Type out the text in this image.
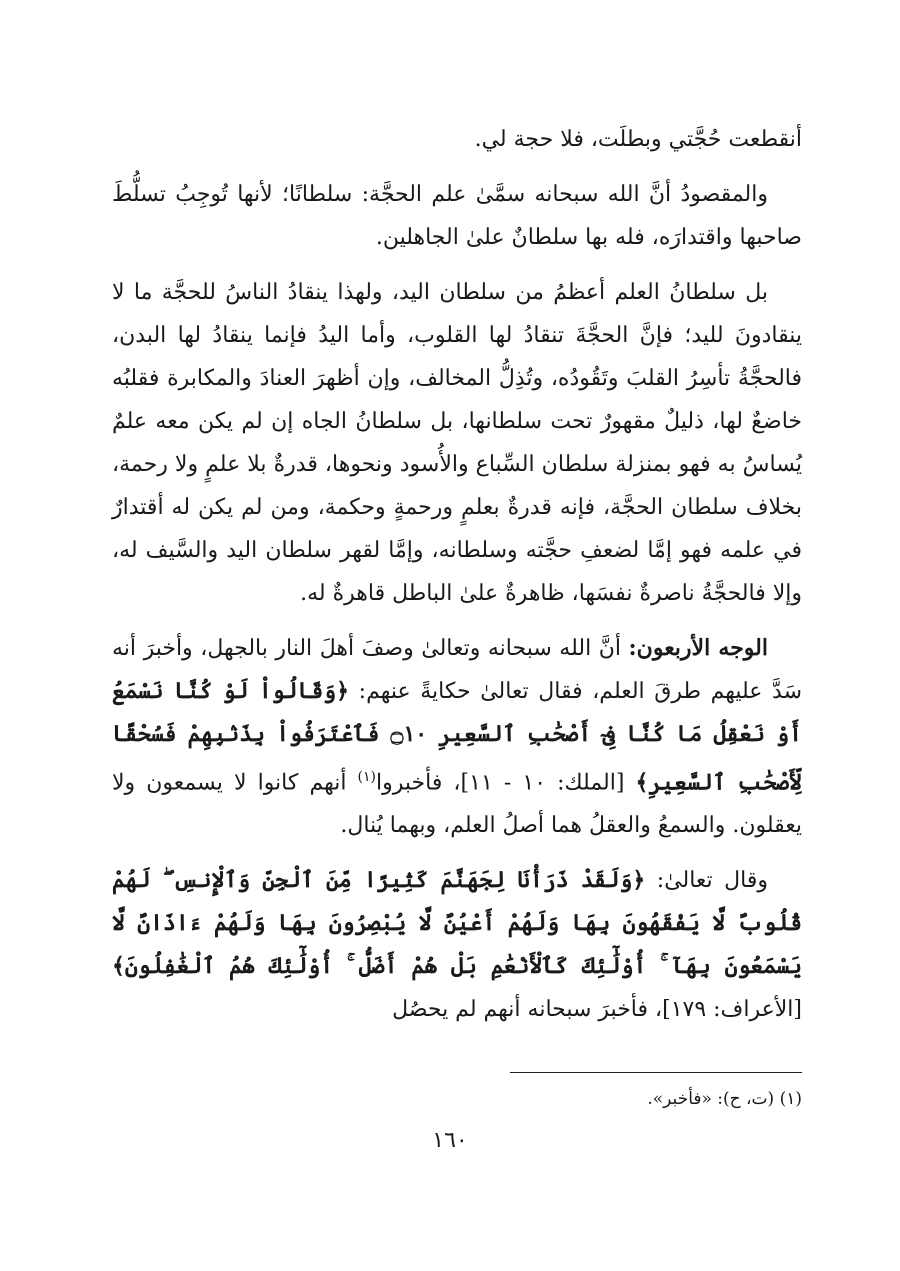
أنقطعت حُجَّتي وبطلَت، فلا حجة لي.

والمقصودُ أنَّ الله سبحانه سمَّىٰ علم الحجَّة: سلطانًا؛ لأنها تُوجِبُ تسلُّطَ صاحبها واقتدارَه، فله بها سلطانٌ علىٰ الجاهلين.

بل سلطانُ العلم أعظمُ من سلطان اليد، ولهذا ينقادُ الناسُ للحجَّة ما لا ينقادونَ لليد؛ فإنَّ الحجَّةَ تنقادُ لها القلوب، وأما اليدُ فإنما ينقادُ لها البدن، فالحجَّةُ تأسِرُ القلبَ وتَقُودُه، وتُذِلُّ المخالف، وإن أظهرَ العنادَ والمكابرة فقلبُه خاضعٌ لها، ذليلٌ مقهورٌ تحت سلطانها، بل سلطانُ الجاه إن لم يكن معه علمٌ يُساسُ به فهو بمنزلة سلطان السِّباع والأُسود ونحوها، قدرةٌ بلا علمٍ ولا رحمة، بخلاف سلطان الحجَّة، فإنه قدرةٌ بعلمٍ ورحمةٍ وحكمة، ومن لم يكن له أقتدارٌ في علمه فهو إمَّا لضعفِ حجَّته وسلطانه، وإمَّا لقهر سلطان اليد والسَّيف له، وإلا فالحجَّةُ ناصرةٌ نفسَها، ظاهرةٌ علىٰ الباطل قاهرةٌ له.

الوجه الأربعون: أنَّ الله سبحانه وتعالىٰ وصفَ أهلَ النار بالجهل، وأخبرَ أنه سَدَّ عليهم طرقَ العلم، فقال تعالىٰ حكايةً عنهم: ﴿وَقَالُواْ لَوْ كُنَّا نَسْمَعُ أَوْ نَعْقِلُ مَا كُنَّا فِىٓ أَصْحَٰبِ ٱلسَّعِيرِ ۝١٠ فَٱعْتَرَفُواْ بِذَنۢبِهِمْ فَسُحْقًا لِّأَصْحَٰبِ ٱلسَّعِيرِ﴾ [الملك: ١٠ - ١١]، فأخبروا$^{(١)}$ أنهم كانوا لا يسمعون ولا يعقلون. والسمعُ والعقلُ هما أصلُ العلم، وبهما يُنال.

وقال تعالىٰ: ﴿وَلَقَدْ ذَرَأْنَا لِجَهَنَّمَ كَثِيرًا مِّنَ ٱلْجِنِّ وَٱلْإِنسِ ۖ لَهُمْ قُلُوبٌ لَّا يَفْقَهُونَ بِهَا وَلَهُمْ أَعْيُنٌ لَّا يُبْصِرُونَ بِهَا وَلَهُمْ ءَاذَانٌ لَّا يَسْمَعُونَ بِهَآ ۚ أُوْلَٰٓئِكَ كَٱلْأَنْعَٰمِ بَلْ هُمْ أَضَلُّ ۚ أُوْلَٰٓئِكَ هُمُ ٱلْغَٰفِلُونَ﴾ [الأعراف: ١٧٩]، فأخبرَ سبحانه أنهم لم يحصُل

(١) (ت، ح): «فأخبر».
١٦٠
